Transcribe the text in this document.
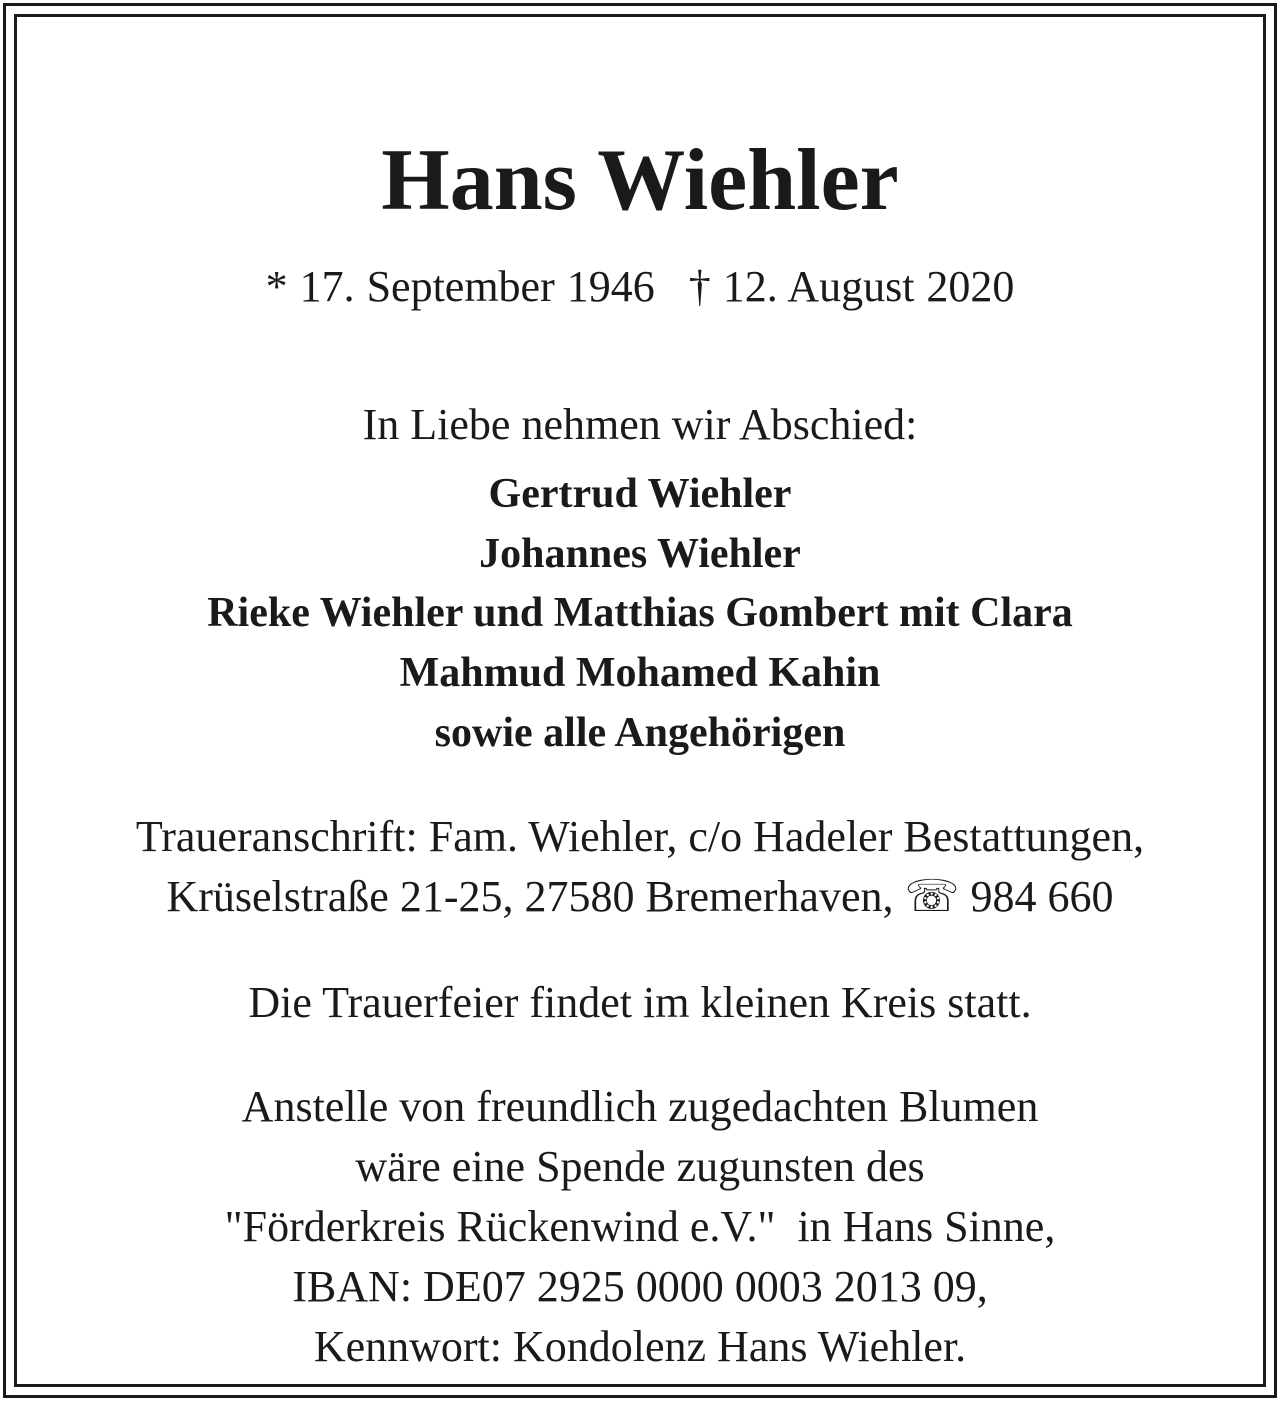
Hans Wiehler
* 17. September 1946 † 12. August 2020
In Liebe nehmen wir Abschied:
Gertrud Wiehler
Johannes Wiehler
Rieke Wiehler und Matthias Gombert mit Clara
Mahmud Mohamed Kahin
sowie alle Angehörigen
Traueranschrift: Fam. Wiehler, c/o Hadeler Bestattungen,
Krüselstraße 21-25, 27580 Bremerhaven, ☏ 984 660
Die Trauerfeier findet im kleinen Kreis statt.
Anstelle von freundlich zugedachten Blumen
wäre eine Spende zugunsten des
"Förderkreis Rückenwind e.V."  in Hans Sinne,
IBAN: DE07 2925 0000 0003 2013 09,
Kennwort: Kondolenz Hans Wiehler.
